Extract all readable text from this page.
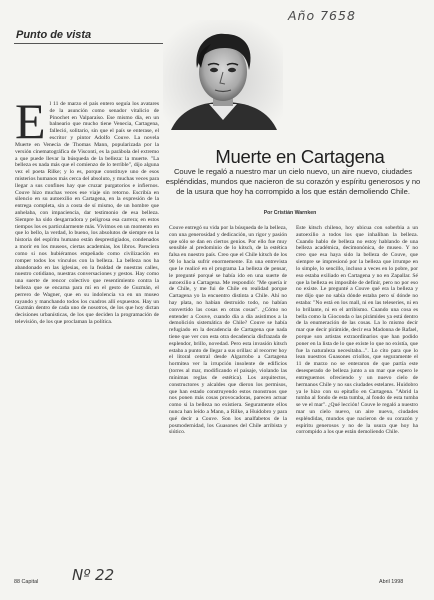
Punto de vista
Año 7658
Muerte en Cartagena
Couve le regaló a nuestro mar un cielo nuevo, un aire nuevo, ciudades espléndidas, mundos que nacieron de su corazón y espíritu generosos y no de la usura que hoy ha corrompido a los que están demoliendo Chile.
Por Cristián Warnken
E l 11 de marzo el país entero seguía los avatares de la asunción como senador vitalicio de Pinochet en Valparaíso. Ese mismo día, en un balneario que mucho tiene Venecia, Cartagena, falleció, solitario, sin que el país se enterase, el escritor y pintor Adolfo Couve. La novela Muerte en Venecia de Thomas Mann, popularizada por la versión cinematográfica de Visconti, es la parábola del extremo a que puede llevar la búsqueda de la belleza: la muerte. "La belleza es nada más que el comienzo de lo terrible", dijo alguna vez el poeta Rilke; y lo es, porque constituye uno de esos misterios humanos más cerca del absoluto, y muchas veces para llegar a sus confines hay que cruzar purgatorios e infiernos. Couve hizo muchas veces ese viaje sin retorno. Escribía en silencio en su autoexilio en Cartagena, en la expresión de la entrega completa, sin a costa de sí mismo, de un hombre que anhelaba, con impaciencia, dar testimonio de esa belleza. Siempre ha sido desgarradora y peligrosa esa carrera; en estos tiempos los es particularmente más. Vivimos en un momento en que lo bello, la verdad, lo bueno, los absolutos de siempre en la historia del espíritu humano están desprestigiados, condenados a morir en los museos, ciertas academias, los libros. Pareciera como si nos hubiéramos empeñado como civilización en romper todos los vínculos con la belleza. La belleza nos ha abandonado en las iglesias, en la fealdad de nuestras calles, nuestro cotidiano, nuestras conversaciones y gestos. Hay como una suerte de rencor colectivo que resentimiento contra la belleza que se encarna para mí en el gesto de Guzmán, el perrero de Wagner, que en su indolencia va en un museo rayando y manchando todos los cuadros allí expuestos. Hay un Guzmán dentro de cada uno de nosotros, de los que hoy dictan decisiones urbanísticas, de los que deciden la programación de televisión, de los que proclaman la política.

Couve entregó su vida por la búsqueda de la belleza, con una generosidad y dedicación, un rigor y pasión que sólo se dan en ciertos genios. Por ello fue muy sensible al predominio de lo kitsch, de la estética falsa en nuestro país. Creo que el Chile kitsch de los 90 lo hacía sufrir enormemente. En una entrevista que le realicé en el programa La belleza de pensar, le pregunté porqué se había ido en una suerte de autoexilio a Cartagena. Me respondió: "Me quería ir de Chile, y me fui de Chile en realidad porque Cartagena yo la encuentro distinta a Chile. Ahí no hay plata, no habían destruido todo, no habían convertido las cosas en otras cosas". ¿Cómo no entender a Couve, cuando día a día asistimos a la demolición sistemática de Chile? Couve se había refugiado en la decadencia de Cartagena que nada tiene que ver con esta otra decadencia disfrazada de esplendor, brillo, novedad. Pero esta invasión kitsch estaba a punto de llegar a sus orillas: al recorrer hoy el litoral central desde Algarrobo a Cartagena hormitea ver la irrupción insolente de edificios (torres al mar, modificando el paisaje, violando las mínimas reglas de estética). Los arquitectos, constructores y alcaldes que dieron los permisos, que han estado construyendo estos monstruos que nos ponen más cosas provocadoras, parecen actuar como si la belleza no existiera. Seguramente ellos nunca han leído a Mann, a Rilke, a Huidobro y para qué decir a Couve. Son los analfabetos de la posmodernidad, los Guasones del Chile arribista y siútico.

Este kitsch chileno, hoy ubicua con soberbia a un autoexilio a todos los que inhaliban la belleza. Cuando hablo de belleza no estoy hablando de una belleza académica, decimonónica, de museo. Y no creo que esa haya sido la belleza de Couve, que siempre se impresionó por la belleza que irrumpe en lo simple, lo sencillo, incluso a veces en lo pobre, por eso estaba exiliado en Cartagena y no en Zapallar. Sé que la belleza es imposible de definir, pero no por eso no existe. Le pregunté a Couve qué era la belleza y me dijo que no sabía dónde estaba pero sí dónde no estaba: "No está en los mall, ni en las teleseries, ni en lo brillante, ni en el arribismo. Cuando una cosa es bella como la Gioconda o las pirámides ya está dentro de la enumeración de las cosas. La lo mismo decir mar que decir pirámide, decir esa Madonna de Rafael, porque son artistas extraordinarios que han podido poner en la lista de lo que existe lo que no existía, que fue la naturaleza necesitaba...". Lo cito para que lo lean nuestros Guasones criollos, que seguramente el 11 de marzo no se enteraron de que partía este desesperado de belleza junto a un mar que espero le entreguemos ofreciendo y un nuevo cielo de hermanos Chile y no sus ciudades estelares. Huidobro ya le hizo con su epitafio en Cartagena. "Abrid la tumba al fondo de esta tumba, al fondo de esta tumba se ve el mar". ¿Qué lección! Couve le regaló a nuestro mar un cielo nuevo, un aire nuevo, ciudades espléndidas, mundos que nacieron de su corazón y espíritu generosos y no de la usura que hoy ha corrompido a los que están demoliendo Chile.

88 Capital Nº 22	Abril 1998
